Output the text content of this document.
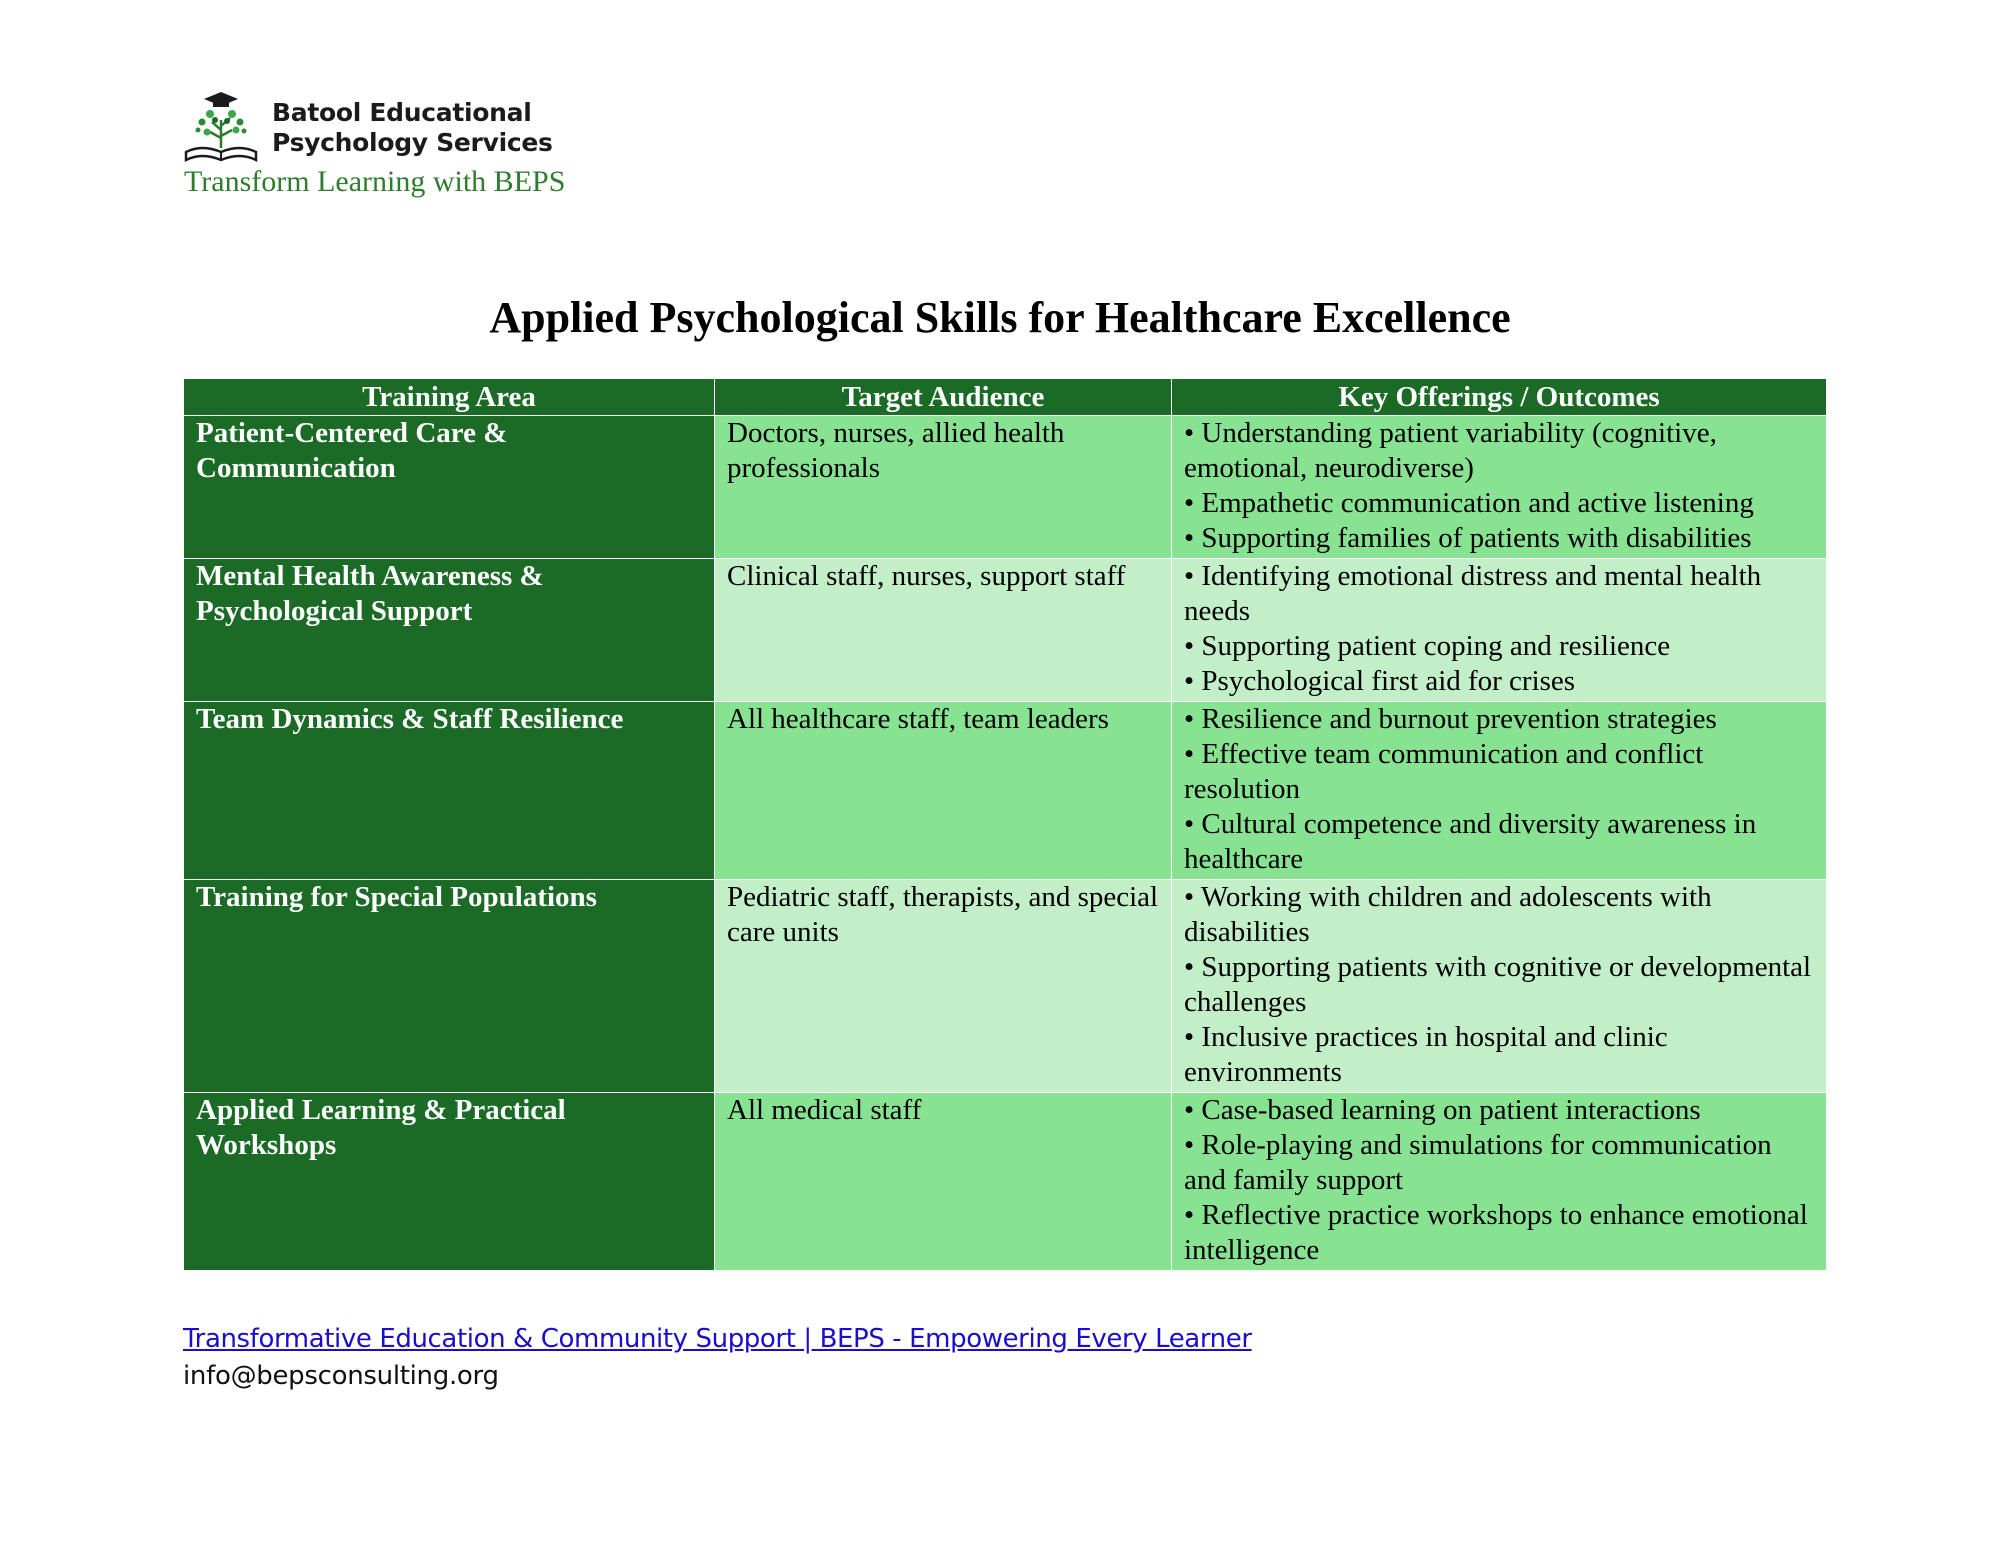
Batool Educational
Psychology Services
Transform Learning with BEPS
Applied Psychological Skills for Healthcare Excellence
Training Area	Target Audience	Key Offerings / Outcomes
Patient-Centered Care & Communication	Doctors, nurses, allied health professionals	• Understanding patient variability (cognitive, emotional, neurodiverse)
• Empathetic communication and active listening
• Supporting families of patients with disabilities

Mental Health Awareness & Psychological Support	Clinical staff, nurses, support staff	• Identifying emotional distress and mental health needs
• Supporting patient coping and resilience
• Psychological first aid for crises

Team Dynamics & Staff Resilience	All healthcare staff, team leaders	• Resilience and burnout prevention strategies
• Effective team communication and conflict resolution
• Cultural competence and diversity awareness in healthcare

Training for Special Populations	Pediatric staff, therapists, and special care units	• Working with children and adolescents with disabilities
• Supporting patients with cognitive or developmental challenges
• Inclusive practices in hospital and clinic environments

Applied Learning & Practical Workshops	All medical staff	• Case-based learning on patient interactions
• Role-playing and simulations for communication and family support
• Reflective practice workshops to enhance emotional intelligence
Transformative Education & Community Support | BEPS - Empowering Every Learner
info@bepsconsulting.org
